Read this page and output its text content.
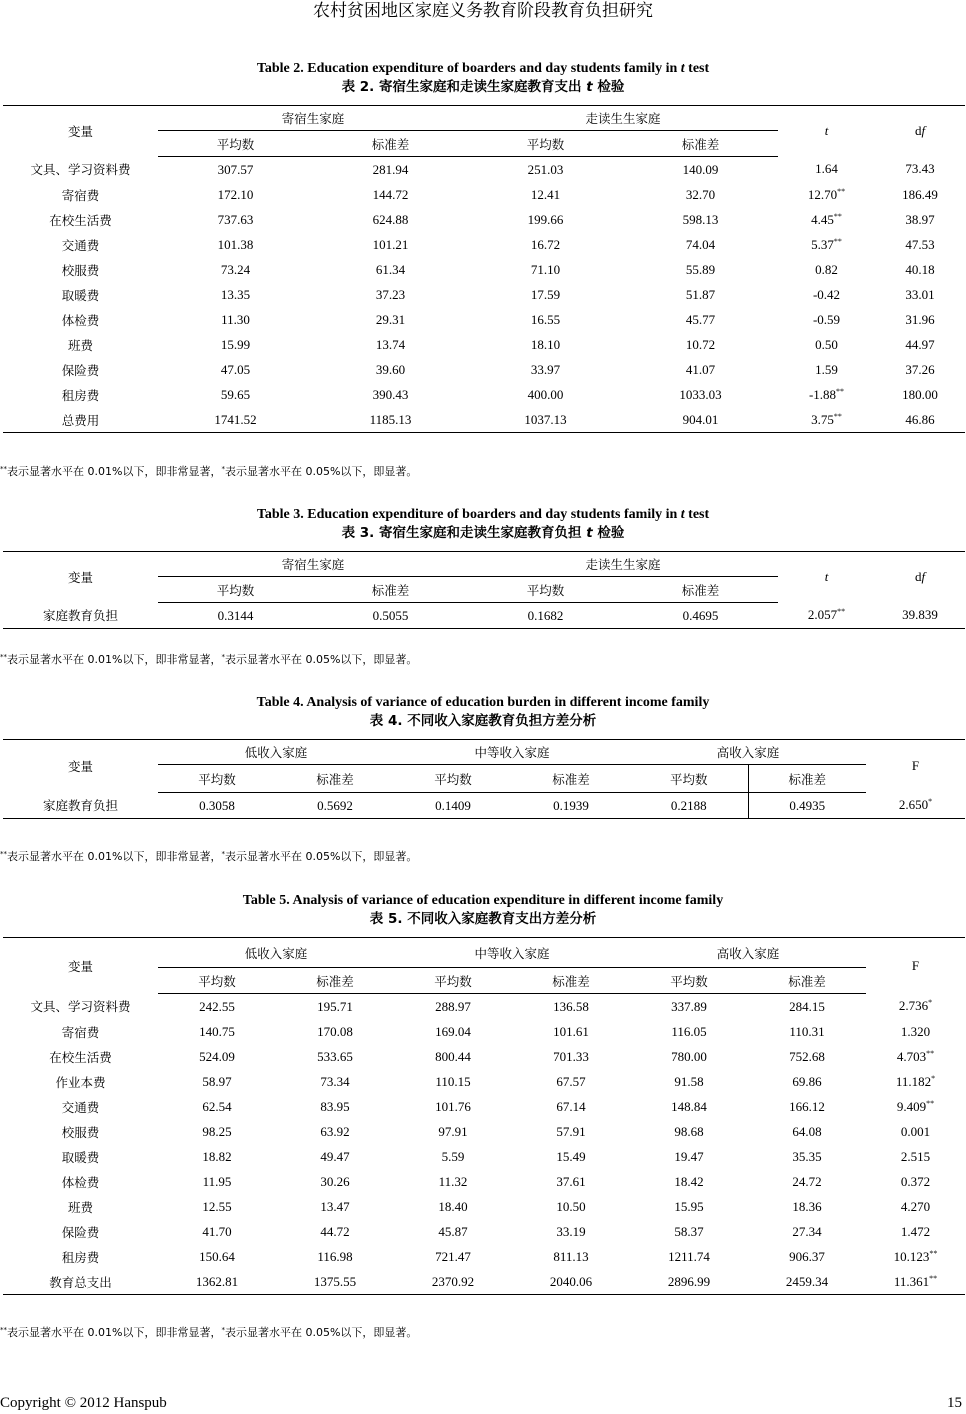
农村贫困地区家庭义务教育阶段教育负担研究
Table 2. Education expenditure of boarders and day students family in t test
表 2. 寄宿生家庭和走读生家庭教育支出 t 检验
变量	寄宿生家庭		走读生生家庭		t	df
	平均数	标准差	平均数	标准差		
文具、学习资料费	307.57	281.94	251.03	140.09	1.64	73.43
寄宿费	172.10	144.72	12.41	32.70	12.70**	186.49
在校生活费	737.63	624.88	199.66	598.13	4.45**	38.97
交通费	101.38	101.21	16.72	74.04	5.37**	47.53
校服费	73.24	61.34	71.10	55.89	0.82	40.18
取暖费	13.35	37.23	17.59	51.87	-0.42	33.01
体检费	11.30	29.31	16.55	45.77	-0.59	31.96
班费	15.99	13.74	18.10	10.72	0.50	44.97
保险费	47.05	39.60	33.97	41.07	1.59	37.26
租房费	59.65	390.43	400.00	1033.03	-1.88**	180.00
总费用	1741.52	1185.13	1037.13	904.01	3.75**	46.86
**表示显著水平在 0.01%以下，即非常显著，*表示显著水平在 0.05%以下，即显著。
Table 3. Education expenditure of boarders and day students family in t test
表 3. 寄宿生家庭和走读生家庭教育负担 t 检验
变量	寄宿生家庭		走读生生家庭		t	df
	平均数	标准差	平均数	标准差		
家庭教育负担	0.3144	0.5055	0.1682	0.4695	2.057**	39.839
**表示显著水平在 0.01%以下，即非常显著，*表示显著水平在 0.05%以下，即显著。
Table 4. Analysis of variance of education burden in different income family
表 4. 不同收入家庭教育负担方差分析
变量	低收入家庭		中等收入家庭		高收入家庭		F
	平均数	标准差	平均数	标准差	平均数	标准差	
家庭教育负担	0.3058	0.5692	0.1409	0.1939	0.2188	0.4935	2.650*
**表示显著水平在 0.01%以下，即非常显著，*表示显著水平在 0.05%以下，即显著。
Table 5. Analysis of variance of education expenditure in different income family
表 5. 不同收入家庭教育支出方差分析
变量	低收入家庭		中等收入家庭		高收入家庭		F
	平均数	标准差	平均数	标准差	平均数	标准差	
文具、学习资料费	242.55	195.71	288.97	136.58	337.89	284.15	2.736*
寄宿费	140.75	170.08	169.04	101.61	116.05	110.31	1.320
在校生活费	524.09	533.65	800.44	701.33	780.00	752.68	4.703**
作业本费	58.97	73.34	110.15	67.57	91.58	69.86	11.182*
交通费	62.54	83.95	101.76	67.14	148.84	166.12	9.409**
校服费	98.25	63.92	97.91	57.91	98.68	64.08	0.001
取暖费	18.82	49.47	5.59	15.49	19.47	35.35	2.515
体检费	11.95	30.26	11.32	37.61	18.42	24.72	0.372
班费	12.55	13.47	18.40	10.50	15.95	18.36	4.270
保险费	41.70	44.72	45.87	33.19	58.37	27.34	1.472
租房费	150.64	116.98	721.47	811.13	1211.74	906.37	10.123**
教育总支出	1362.81	1375.55	2370.92	2040.06	2896.99	2459.34	11.361**
**表示显著水平在 0.01%以下，即非常显著，*表示显著水平在 0.05%以下，即显著。
Copyright © 2012 Hanspub	15
